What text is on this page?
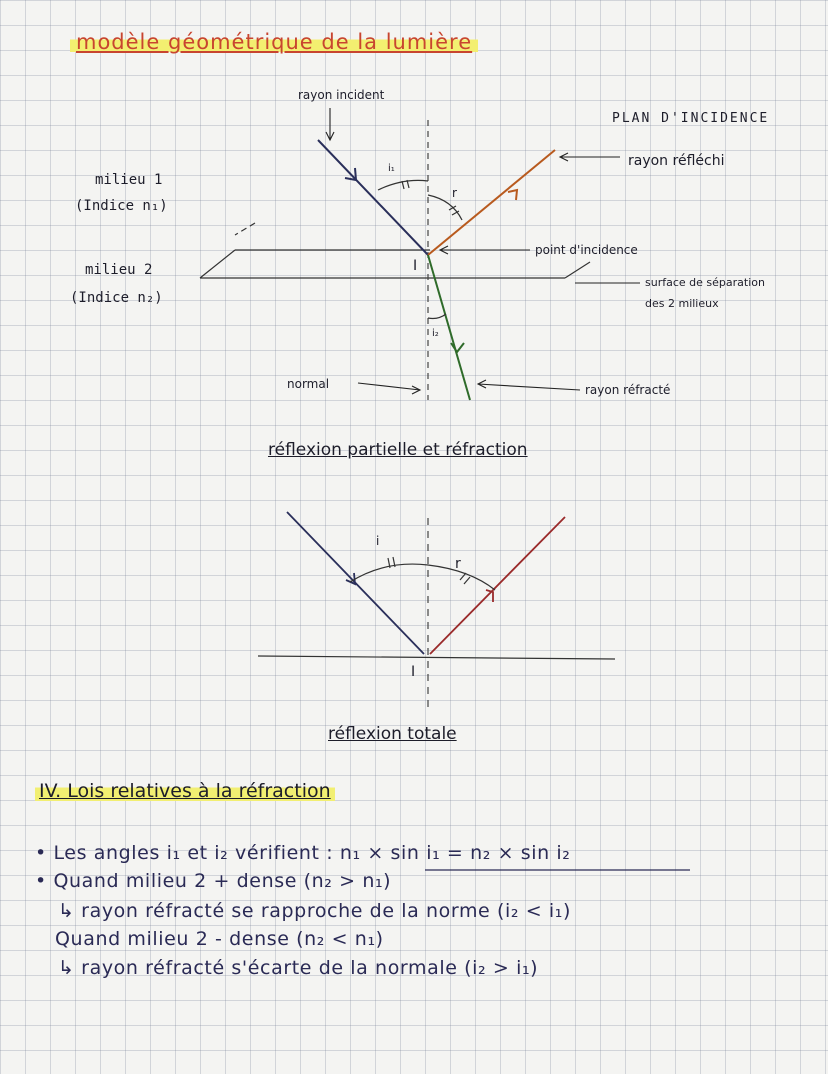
modèle géométrique de la lumière
rayon incident
PLAN D'INCIDENCE
rayon réfléchi
milieu 1
(Indice n₁)
milieu 2
(Indice n₂)
point d'incidence
surface de séparation
des 2 milieux
normal	rayon réfracté
i₁
i₂
r
I
réflexion partielle et réfraction
i
r
I
réflexion totale
IV. Lois relatives à la réfraction
• Les angles i₁ et i₂ vérifient : n₁ × sin i₁ = n₂ × sin i₂
• Quand milieu 2 + dense (n₂ > n₁)
↳ rayon réfracté se rapproche de la norme (i₂ < i₁)
Quand milieu 2 - dense (n₂ < n₁)
↳ rayon réfracté s'écarte de la normale (i₂ > i₁)
